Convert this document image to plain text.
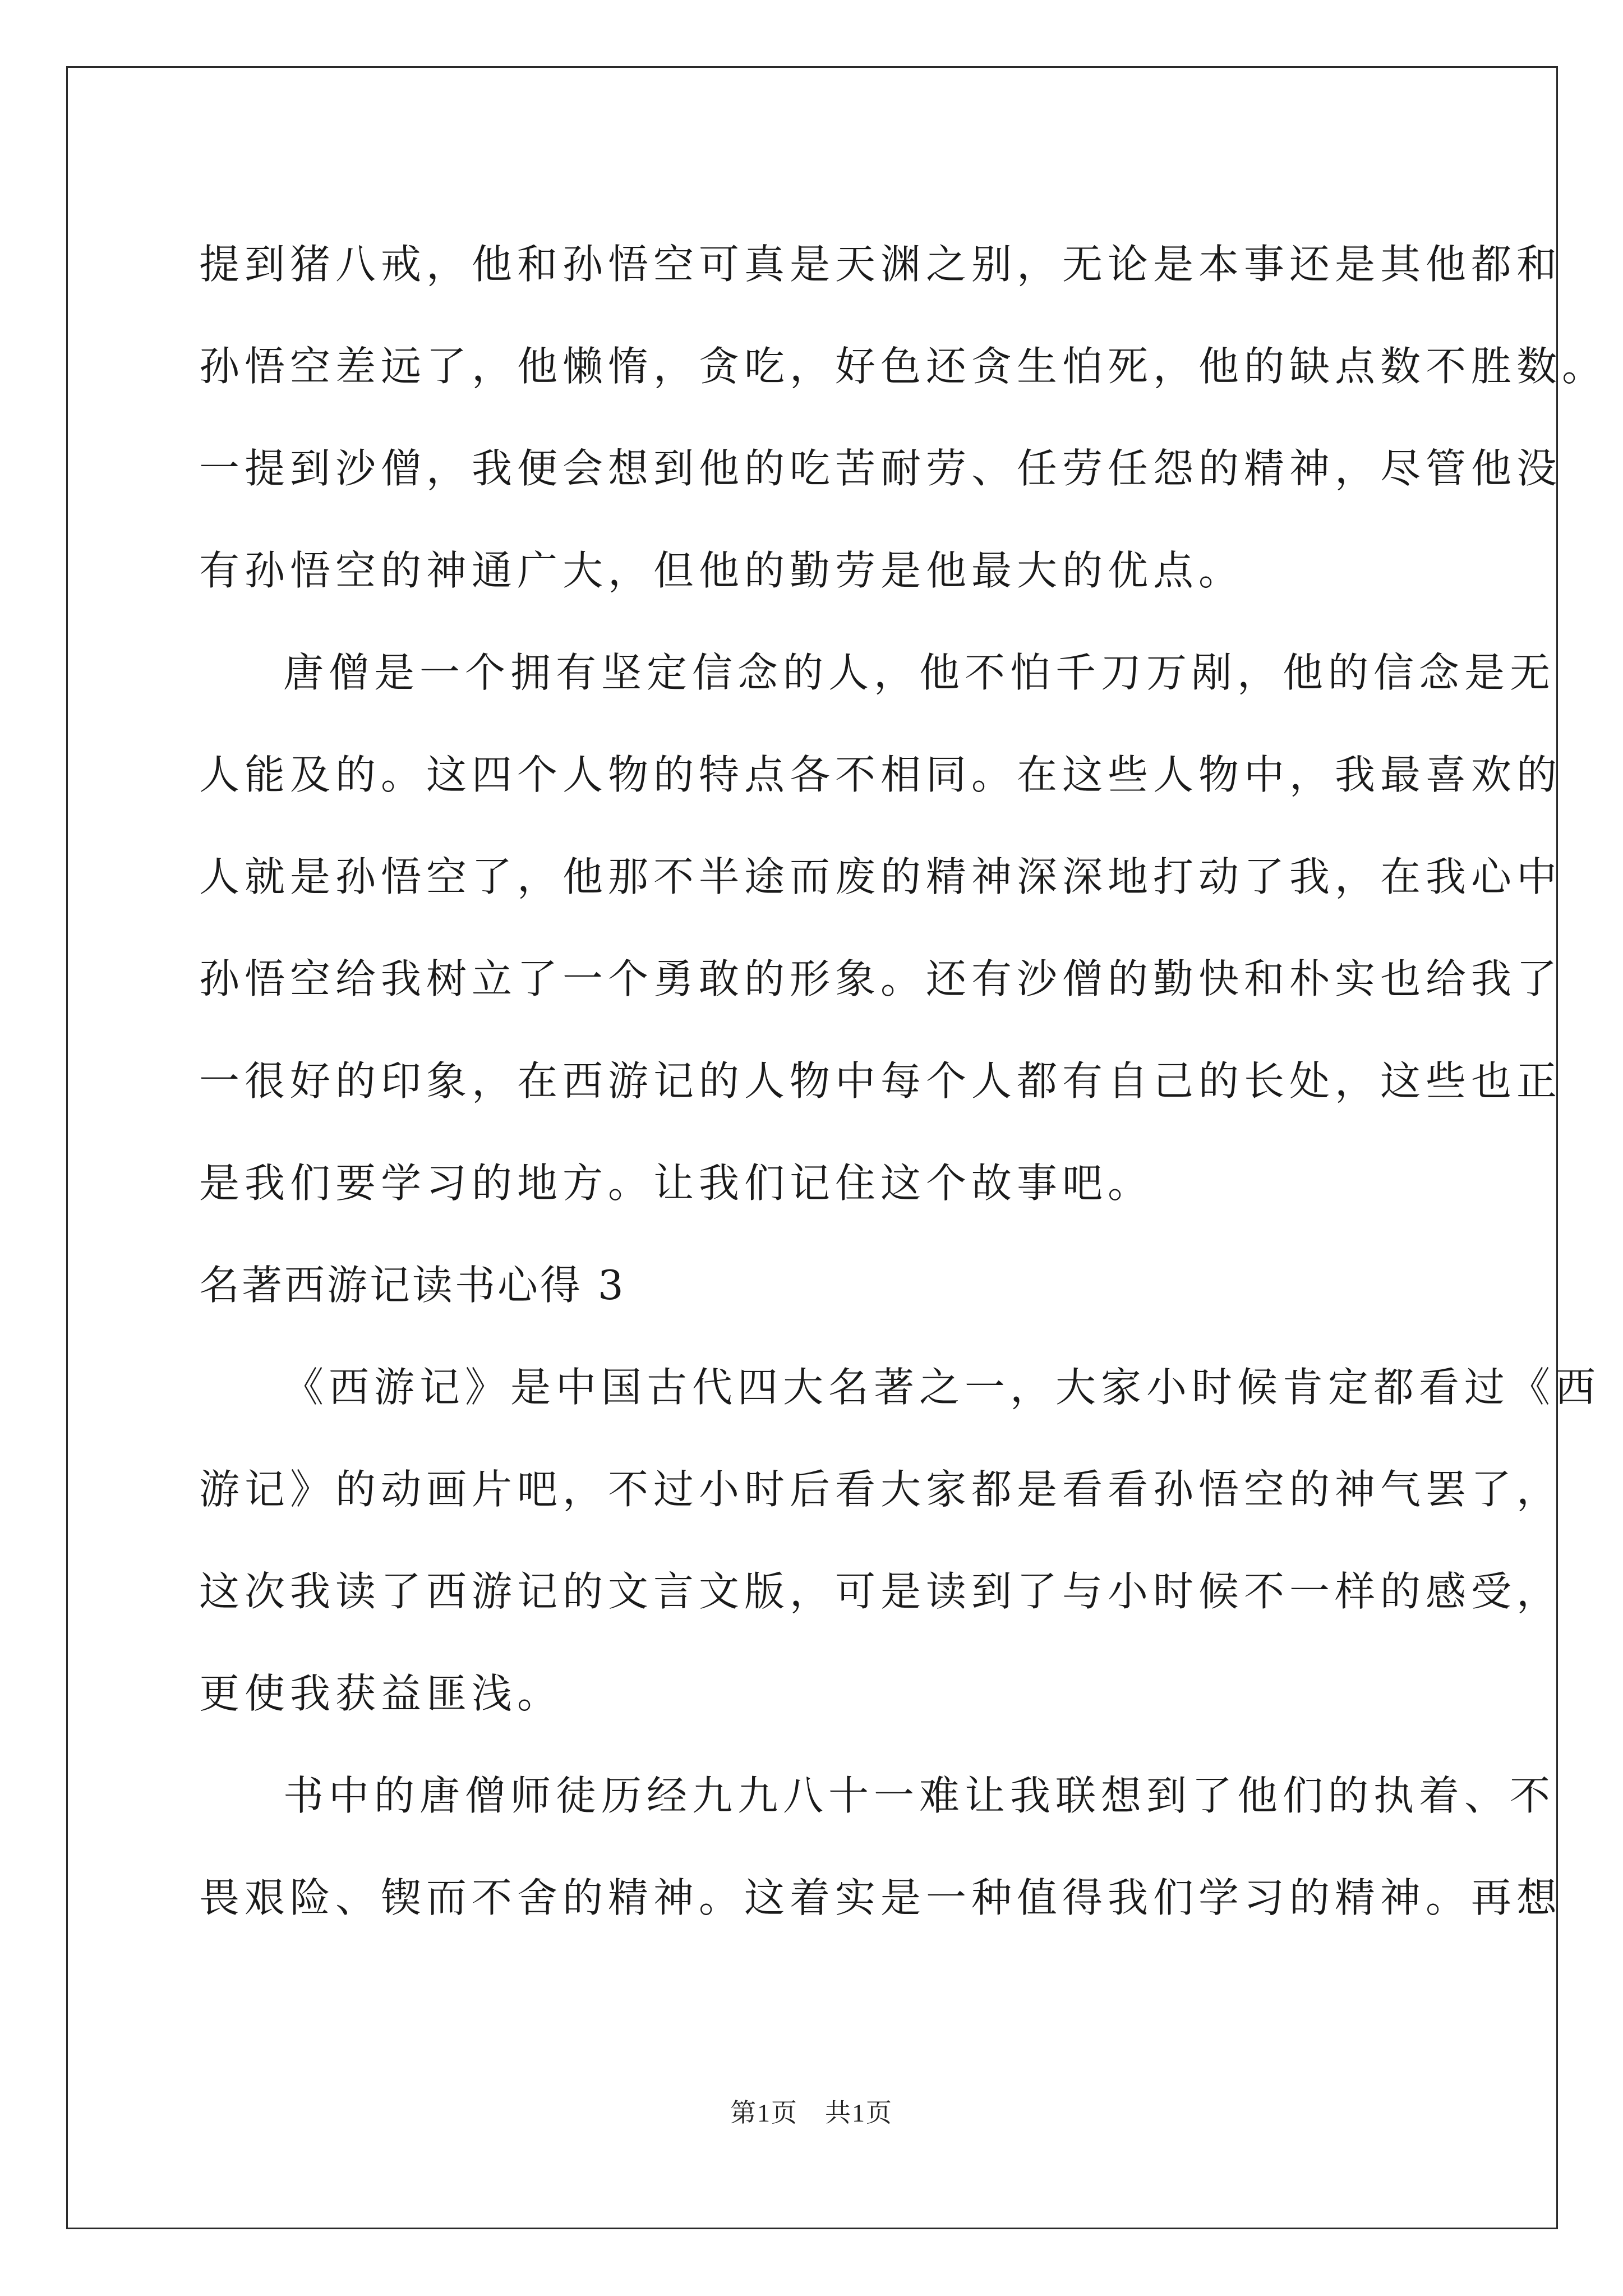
提到猪八戒，他和孙悟空可真是天渊之别，无论是本事还是其他都和
孙悟空差远了，他懒惰，贪吃，好色还贪生怕死，他的缺点数不胜数。
一提到沙僧，我便会想到他的吃苦耐劳、任劳任怨的精神，尽管他没
有孙悟空的神通广大，但他的勤劳是他最大的优点。
唐僧是一个拥有坚定信念的人，他不怕千刀万剐，他的信念是无
人能及的。这四个人物的特点各不相同。在这些人物中，我最喜欢的
人就是孙悟空了，他那不半途而废的精神深深地打动了我，在我心中
孙悟空给我树立了一个勇敢的形象。还有沙僧的勤快和朴实也给我了
一很好的印象，在西游记的人物中每个人都有自己的长处，这些也正
是我们要学习的地方。让我们记住这个故事吧。
名著西游记读书心得 3
《西游记》是中国古代四大名著之一，大家小时候肯定都看过《西
游记》的动画片吧，不过小时后看大家都是看看孙悟空的神气罢了，
这次我读了西游记的文言文版，可是读到了与小时候不一样的感受，
更使我获益匪浅。
书中的唐僧师徒历经九九八十一难让我联想到了他们的执着、不
畏艰险、锲而不舍的精神。这着实是一种值得我们学习的精神。再想
第1页　共1页
